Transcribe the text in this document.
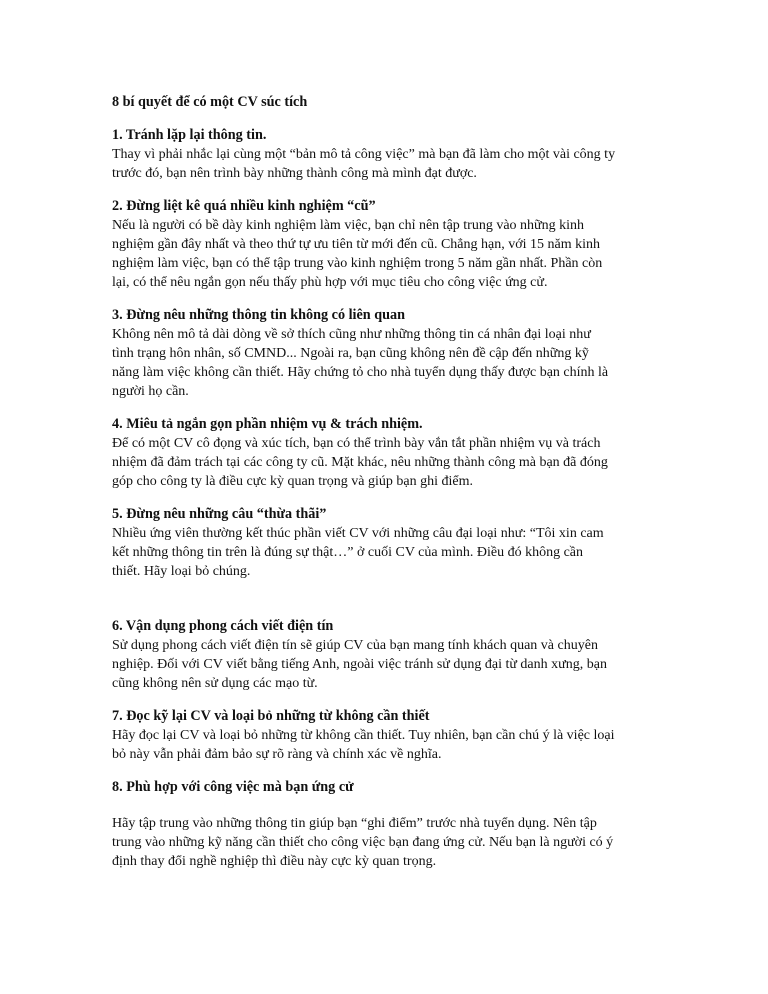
8 bí quyết để có một CV súc tích

1. Tránh lặp lại thông tin.

Thay vì phải nhắc lại cùng một “bản mô tả công việc” mà bạn đã làm cho một vài công ty
trước đó, bạn nên trình bày những thành công mà mình đạt được.

2. Đừng liệt kê quá nhiều kinh nghiệm “cũ”

Nếu là người có bề dày kinh nghiệm làm việc, bạn chỉ nên tập trung vào những kinh
nghiệm gần đây nhất và theo thứ tự ưu tiên từ mới đến cũ. Chẳng hạn, với 15 năm kinh
nghiệm làm việc, bạn có thể tập trung vào kinh nghiệm trong 5 năm gần nhất. Phần còn
lại, có thể nêu ngắn gọn nếu thấy phù hợp với mục tiêu cho công việc ứng cử.

3. Đừng nêu những thông tin không có liên quan

Không nên mô tả dài dòng về sở thích cũng như những thông tin cá nhân đại loại như
tình trạng hôn nhân, số CMND... Ngoài ra, bạn cũng không nên đề cập đến những kỹ
năng làm việc không cần thiết. Hãy chứng tỏ cho nhà tuyển dụng thấy được bạn chính là
người họ cần.

4. Miêu tả ngắn gọn phần nhiệm vụ & trách nhiệm.

Để có một CV cô đọng và xúc tích, bạn có thể trình bày vắn tắt phần nhiệm vụ và trách
nhiệm đã đảm trách tại các công ty cũ. Mặt khác, nêu những thành công mà bạn đã đóng
góp cho công ty là điều cực kỳ quan trọng và giúp bạn ghi điểm.

5. Đừng nêu những câu “thừa thãi”

Nhiều ứng viên thường kết thúc phần viết CV với những câu đại loại như: “Tôi xin cam
kết những thông tin trên là đúng sự thật…” ở cuối CV của mình. Điều đó không cần
thiết. Hãy loại bỏ chúng.

6. Vận dụng phong cách viết điện tín

Sử dụng phong cách viết điện tín sẽ giúp CV của bạn mang tính khách quan và chuyên
nghiệp. Đối với CV viết bằng tiếng Anh, ngoài việc tránh sử dụng đại từ danh xưng, bạn
cũng không nên sử dụng các mạo từ.

7. Đọc kỹ lại CV và loại bỏ những từ không cần thiết

Hãy đọc lại CV và loại bỏ những từ không cần thiết. Tuy nhiên, bạn cần chú ý là việc loại
bỏ này vẫn phải đảm bảo sự rõ ràng và chính xác về nghĩa.

8. Phù hợp với công việc mà bạn ứng cử

Hãy tập trung vào những thông tin giúp bạn “ghi điểm” trước nhà tuyển dụng. Nên tập
trung vào những kỹ năng cần thiết cho công việc bạn đang ứng cử. Nếu bạn là người có ý
định thay đổi nghề nghiệp thì điều này cực kỳ quan trọng.
